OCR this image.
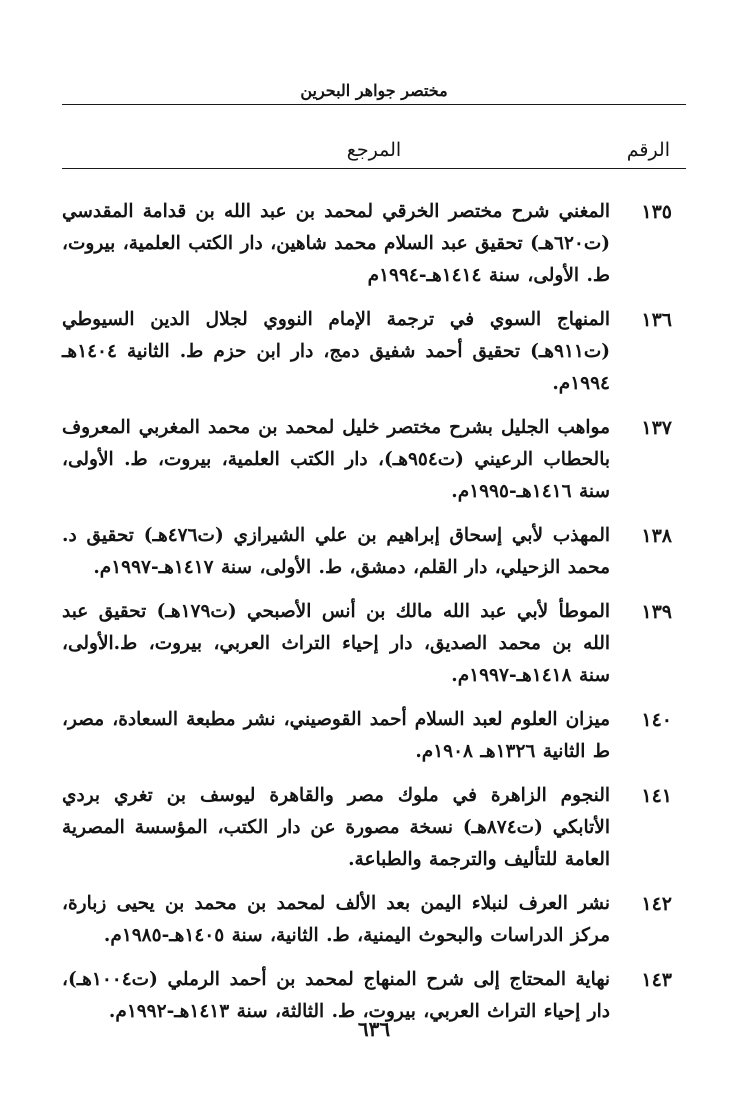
مختصر جواهر البحرين
الرقم
المرجع
١٣٥
المغني شرح مختصر الخرقي لمحمد بن عبد الله بن قدامة المقدسي (ت٦٢٠هـ) تحقيق عبد السلام محمد شاهين، دار الكتب العلمية، بيروت، ط. الأولى، سنة ١٤١٤هـ-١٩٩٤م
١٣٦
المنهاج السوي في ترجمة الإمام النووي لجلال الدين السيوطي (ت٩١١هـ) تحقيق أحمد شفيق دمج، دار ابن حزم ط. الثانية ١٤٠٤هـ ١٩٩٤م.
١٣٧
مواهب الجليل بشرح مختصر خليل لمحمد بن محمد المغربي المعروف بالحطاب الرعيني (ت٩٥٤هـ)، دار الكتب العلمية، بيروت، ط. الأولى، سنة ١٤١٦هـ-١٩٩٥م.
١٣٨
المهذب لأبي إسحاق إبراهيم بن علي الشيرازي (ت٤٧٦هـ) تحقيق د. محمد الزحيلي، دار القلم، دمشق، ط. الأولى، سنة ١٤١٧هـ-١٩٩٧م.
١٣٩
الموطأ لأبي عبد الله مالك بن أنس الأصبحي (ت١٧٩هـ) تحقيق عبد الله بن محمد الصديق، دار إحياء التراث العربي، بيروت، ط.الأولى، سنة ١٤١٨هـ-١٩٩٧م.
١٤٠
ميزان العلوم لعبد السلام أحمد القوصيني، نشر مطبعة السعادة، مصر، ط الثانية ١٣٢٦هـ ١٩٠٨م.
١٤١
النجوم الزاهرة في ملوك مصر والقاهرة ليوسف بن تغري بردي الأتابكي (ت٨٧٤هـ) نسخة مصورة عن دار الكتب، المؤسسة المصرية العامة للتأليف والترجمة والطباعة.
١٤٢
نشر العرف لنبلاء اليمن بعد الألف لمحمد بن محمد بن يحيى زبارة، مركز الدراسات والبحوث اليمنية، ط. الثانية، سنة ١٤٠٥هـ-١٩٨٥م.
١٤٣
نهاية المحتاج إلى شرح المنهاج لمحمد بن أحمد الرملي (ت١٠٠٤هـ)، دار إحياء التراث العربي، بيروت، ط. الثالثة، سنة ١٤١٣هـ-١٩٩٢م.
٦٣٦
